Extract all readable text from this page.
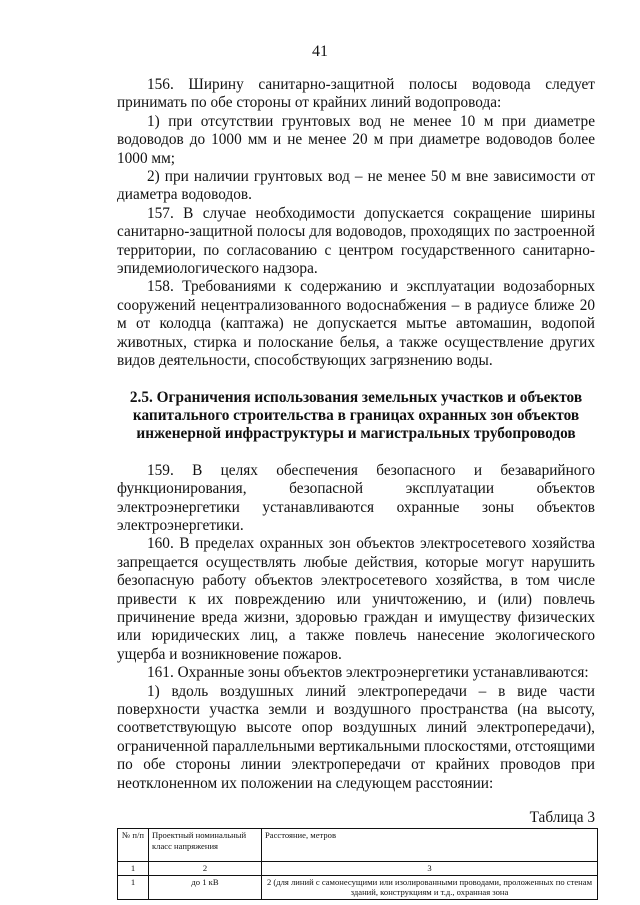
41

156. Ширину санитарно-защитной полосы водовода следует принимать по обе стороны от крайних линий водопровода:

1) при отсутствии грунтовых вод не менее 10 м при диаметре водоводов до 1000 мм и не менее 20 м при диаметре водоводов более 1000 мм;

2) при наличии грунтовых вод – не менее 50 м вне зависимости от диаметра водоводов.

157. В случае необходимости допускается сокращение ширины санитарно-защитной полосы для водоводов, проходящих по застроенной территории, по согласованию с центром государственного санитарно-эпидемиологического надзора.

158. Требованиями к содержанию и эксплуатации водозаборных сооружений нецентрализованного водоснабжения – в радиусе ближе 20 м от колодца (каптажа) не допускается мытье автомашин, водопой животных, стирка и полоскание белья, а также осуществление других видов деятельности, способствующих загрязнению воды.

2.5. Ограничения использования земельных участков и объектов капитального строительства в границах охранных зон объектов инженерной инфраструктуры и магистральных трубопроводов

159. В целях обеспечения безопасного и безаварийного функционирования, безопасной эксплуатации объектов электроэнергетики устанавливаются охранные зоны объектов электроэнергетики.

160. В пределах охранных зон объектов электросетевого хозяйства запрещается осуществлять любые действия, которые могут нарушить безопасную работу объектов электросетевого хозяйства, в том числе привести к их повреждению или уничтожению, и (или) повлечь причинение вреда жизни, здоровью граждан и имуществу физических или юридических лиц, а также повлечь нанесение экологического ущерба и возникновение пожаров.

161. Охранные зоны объектов электроэнергетики устанавливаются:

1) вдоль воздушных линий электропередачи – в виде части поверхности участка земли и воздушного пространства (на высоту, соответствующую высоте опор воздушных линий электропередачи), ограниченной параллельными вертикальными плоскостями, отстоящими по обе стороны линии электропередачи от крайних проводов при неотклоненном их положении на следующем расстоянии:

Таблица 3
№ п/п	Проектный номинальный класс напряжения	Расстояние, метров
1	2	3
1	до 1 кВ	2 (для линий с самонесущими или изолированными проводами, проложенных по стенам зданий, конструкциям и т.д., охранная зона
